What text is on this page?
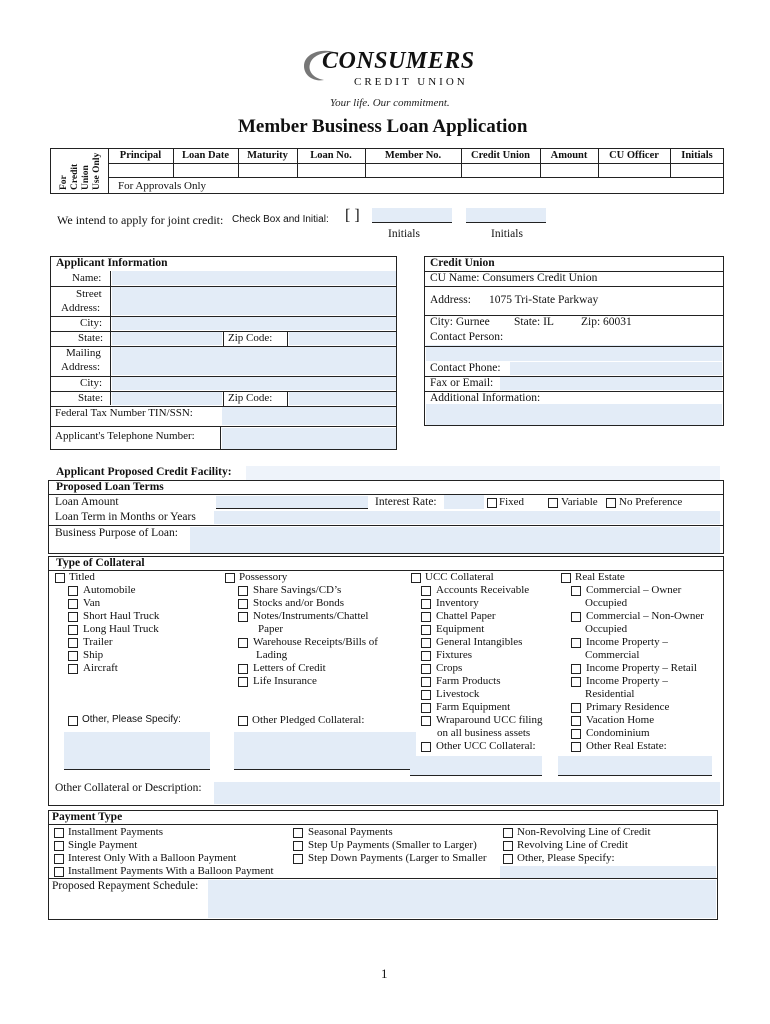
CONSUMERS
CREDIT UNION
Your life. Our commitment.
Member Business Loan Application
For Credit Union Use Only	Principal	Loan Date	Maturity	Loan No.	Member No.	Credit Union	Amount	CU Officer	Initials
For Approvals Only
We intend to apply for joint credit: Check Box and Initial: [ ]
Initials	Initials
Applicant Information
Name:
Street
Address:
City:
State:	Zip Code:
Mailing
Address:
City:
State:	Zip Code:
Federal Tax Number TIN/SSN:
Applicant's Telephone Number:
Credit Union
CU Name: Consumers Credit Union
Address: 1075 Tri-State Parkway
City: Gurnee State: IL Zip: 60031
Contact Person:
Contact Phone:
Fax or Email:
Additional Information:
Applicant Proposed Credit Facility:
Proposed Loan Terms
Loan Amount	Interest Rate:	Fixed	Variable No Preference
Loan Term in Months or Years
Business Purpose of Loan:
Type of Collateral
Titled
Automobile
Van
Short Haul Truck
Long Haul Truck
Trailer
Ship
Aircraft
Other, Please Specify:
Possessory
Share Savings/CD’s
Stocks and/or Bonds
Notes/Instruments/Chattel
Paper
Warehouse Receipts/Bills of
Lading
Letters of Credit
Life Insurance
Other Pledged Collateral:
UCC Collateral
Accounts Receivable
Inventory
Chattel Paper
Equipment
General Intangibles
Fixtures
Crops
Farm Products
Livestock
Farm Equipment
Wraparound UCC filing
on all business assets
Other UCC Collateral:
Real Estate
Commercial – Owner
Occupied
Commercial – Non-Owner
Occupied
Income Property –
Commercial
Income Property – Retail
Income Property –
Residential
Primary Residence
Vacation Home
Condominium
Other Real Estate:
Other Collateral or Description:
Payment Type
Installment Payments
Single Payment
Interest Only With a Balloon Payment
Installment Payments With a Balloon Payment
Seasonal Payments
Step Up Payments (Smaller to Larger)
Step Down Payments (Larger to Smaller
Non-Revolving Line of Credit
Revolving Line of Credit
Other, Please Specify:
Proposed Repayment Schedule:
1
